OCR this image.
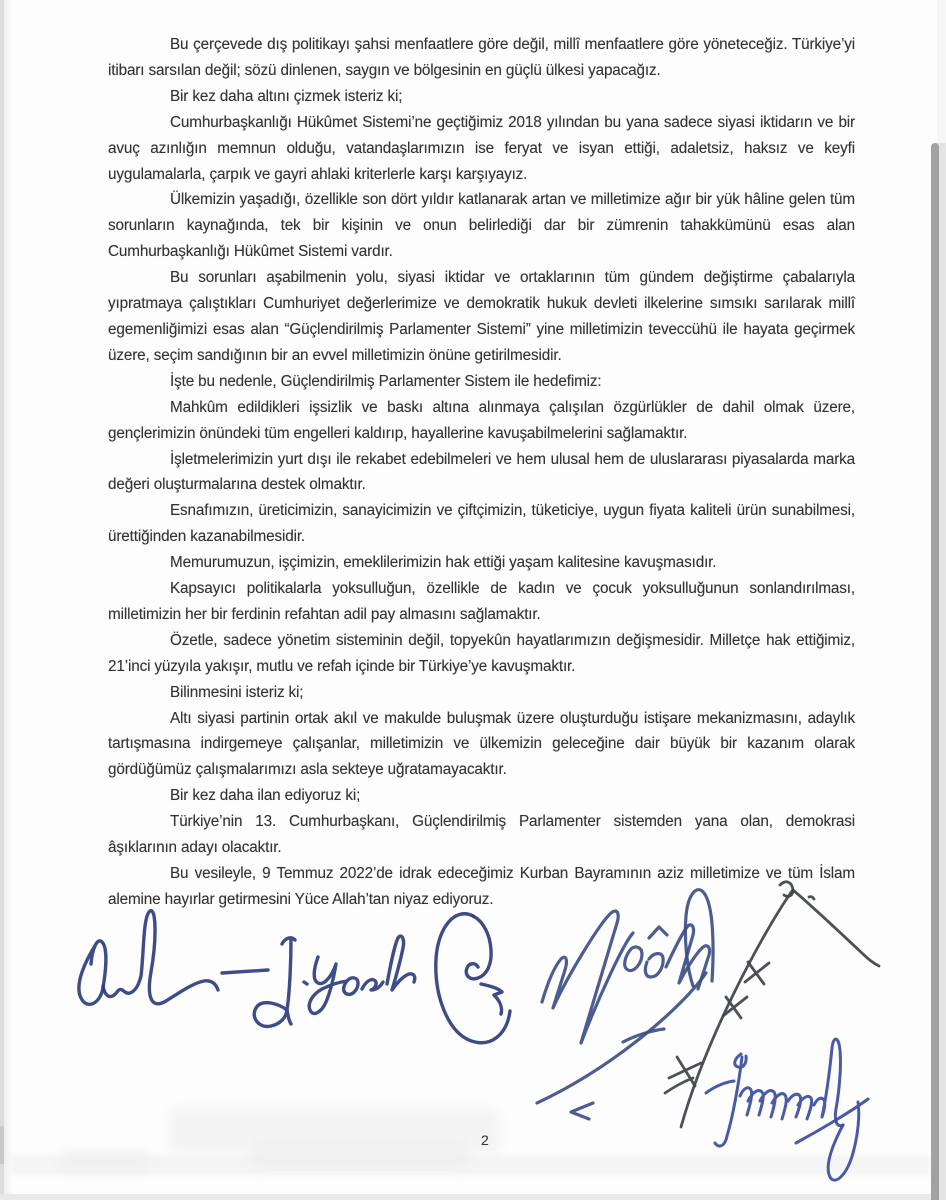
Bu çerçevede dış politikayı şahsi menfaatlere göre değil, millî menfaatlere göre yöneteceğiz. Türkiye’yi itibarı sarsılan değil; sözü dinlenen, saygın ve bölgesinin en güçlü ülkesi yapacağız.

Bir kez daha altını çizmek isteriz ki;

Cumhurbaşkanlığı Hükûmet Sistemi’ne geçtiğimiz 2018 yılından bu yana sadece siyasi iktidarın ve bir avuç azınlığın memnun olduğu, vatandaşlarımızın ise feryat ve isyan ettiği, adaletsiz, haksız ve keyfi uygulamalarla, çarpık ve gayri ahlaki kriterlerle karşı karşıyayız.

Ülkemizin yaşadığı, özellikle son dört yıldır katlanarak artan ve milletimize ağır bir yük hâline gelen tüm sorunların kaynağında, tek bir kişinin ve onun belirlediği dar bir zümrenin tahakkümünü esas alan Cumhurbaşkanlığı Hükûmet Sistemi vardır.

Bu sorunları aşabilmenin yolu, siyasi iktidar ve ortaklarının tüm gündem değiştirme çabalarıyla yıpratmaya çalıştıkları Cumhuriyet değerlerimize ve demokratik hukuk devleti ilkelerine sımsıkı sarılarak millî egemenliğimizi esas alan “Güçlendirilmiş Parlamenter Sistemi” yine milletimizin teveccühü ile hayata geçirmek üzere, seçim sandığının bir an evvel milletimizin önüne getirilmesidir.

İşte bu nedenle, Güçlendirilmiş Parlamenter Sistem ile hedefimiz:

Mahkûm edildikleri işsizlik ve baskı altına alınmaya çalışılan özgürlükler de dahil olmak üzere, gençlerimizin önündeki tüm engelleri kaldırıp, hayallerine kavuşabilmelerini sağlamaktır.

İşletmelerimizin yurt dışı ile rekabet edebilmeleri ve hem ulusal hem de uluslararası piyasalarda marka değeri oluşturmalarına destek olmaktır.

Esnafımızın, üreticimizin, sanayicimizin ve çiftçimizin, tüketiciye, uygun fiyata kaliteli ürün sunabilmesi, ürettiğinden kazanabilmesidir.

Memurumuzun, işçimizin, emeklilerimizin hak ettiği yaşam kalitesine kavuşmasıdır.

Kapsayıcı politikalarla yoksulluğun, özellikle de kadın ve çocuk yoksulluğunun sonlandırılması, milletimizin her bir ferdinin refahtan adil pay almasını sağlamaktır.

Özetle, sadece yönetim sisteminin değil, topyekûn hayatlarımızın değişmesidir. Milletçe hak ettiğimiz, 21’inci yüzyıla yakışır, mutlu ve refah içinde bir Türkiye’ye kavuşmaktır.

Bilinmesini isteriz ki;

Altı siyasi partinin ortak akıl ve makulde buluşmak üzere oluşturduğu istişare mekanizmasını, adaylık tartışmasına indirgemeye çalışanlar, milletimizin ve ülkemizin geleceğine dair büyük bir kazanım olarak gördüğümüz çalışmalarımızı asla sekteye uğratamayacaktır.

Bir kez daha ilan ediyoruz ki;

Türkiye’nin 13. Cumhurbaşkanı, Güçlendirilmiş Parlamenter sistemden yana olan, demokrasi âşıklarının adayı olacaktır.

Bu vesileyle, 9 Temmuz 2022’de idrak edeceğimiz Kurban Bayramının aziz milletimize ve tüm İslam alemine hayırlar getirmesini Yüce Allah’tan niyaz ediyoruz.

2
